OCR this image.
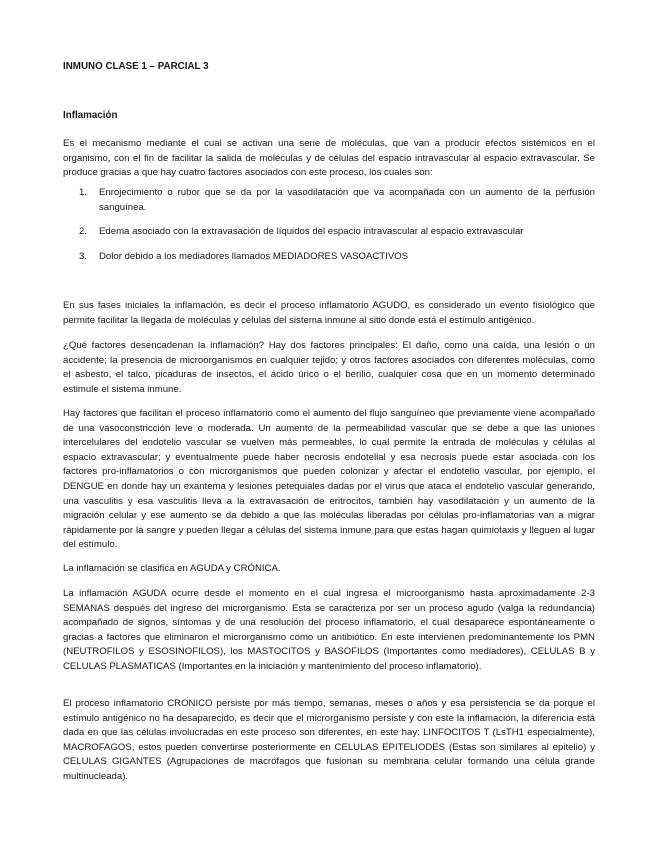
INMUNO CLASE 1 – PARCIAL 3
Inflamación

Es el mecanismo mediante el cual se activan una serie de moléculas, que van a producir efectos sistémicos en el organismo, con el fin de facilitar la salida de moléculas y de células del espacio intravascular al espacio extravascular. Se produce gracias a que hay cuatro factores asociados con este proceso, los cuales son:

1. Enrojecimiento o rubor que se da por la vasodilatación que va acompañada con un aumento de la perfusión sanguínea.
2. Edema asociado con la extravasación de líquidos del espacio intravascular al espacio extravascular
3. Dolor debido a los mediadores llamados MEDIADORES VASOACTIVOS

En sus fases iniciales la inflamación, es decir el proceso inflamatorio AGUDO, es considerado un evento fisiológico que permite facilitar la llegada de moléculas y células del sistema inmune al sitio donde está el estímulo antigénico.

¿Qué factores desencadenan la inflamación? Hay dos factores principales: El daño, como una caída, una lesión o un accidente; la presencia de microorganismos en cualquier tejido; y otros factores asociados con diferentes moléculas, como el asbesto, el talco, picaduras de insectos, el ácido úrico o el berilio, cualquier cosa que en un momento determinado estimule el sistema inmune.

Hay factores que facilitan el proceso inflamatorio como el aumento del flujo sanguíneo que previamente viene acompañado de una vasoconstricción leve o moderada. Un aumento de la permeabilidad vascular que se debe a que las uniones intercelulares del endotelio vascular se vuelven más permeables, lo cual permite la entrada de moléculas y células al espacio extravascular; y eventualmente puede haber necrosis endotelial y esa necrosis puede estar asociada con los factores pro-inflamatorios o con microrganismos que pueden colonizar y afectar el endotelio vascular, por ejemplo, el DENGUE en donde hay un exantema y lesiones petequiales dadas por el virus que ataca el endotelio vascular generando, una vasculitis y esa vasculitis lleva a la extravasación de eritrocitos, también hay vasodilatación y un aumento de la migración celular y ese aumento se da debido a que las moléculas liberadas por células pro-inflamatorias van a migrar rápidamente por la sangre y pueden llegar a células del sistema inmune para que estas hagan quimiotaxis y lleguen al lugar del estímulo.

La inflamación se clasifica en AGUDA y CRÓNICA.

La inflamación AGUDA ocurre desde el momento en el cual ingresa el microorganismo hasta aproximadamente 2-3 SEMANAS después del ingreso del microrganismo. Esta se caracteriza por ser un proceso agudo (valga la redundancia) acompañado de signos, síntomas y de una resolución del proceso inflamatorio, el cual desaparece espontáneamente o gracias a factores que eliminaron el microrganismo como un antibiótico. En este intervienen predominantemente los PMN (NEUTROFILOS y ESOSINOFILOS), los MASTOCITOS y BASOFILOS (Importantes como mediadores), CELULAS B y CELULAS PLASMATICAS (Importantes en la iniciación y mantenimiento del proceso inflamatorio).

El proceso inflamatorio CRONICO persiste por más tiempo, semanas, meses o años y esa persistencia se da porque el estímulo antigénico no ha desaparecido, es decir que el microrganismo persiste y con este la inflamación, la diferencia está dada en que las células involucradas en este proceso son diferentes, en este hay: LINFOCITOS T (LsTH1 especialmente), MACROFAGOS, estos pueden convertirse posteriormente en CELULAS EPITELIODES (Estas son similares al epitelio) y CELULAS GIGANTES (Agrupaciones de macrófagos que fusionan su membrana celular formando una célula grande multinucleada).
